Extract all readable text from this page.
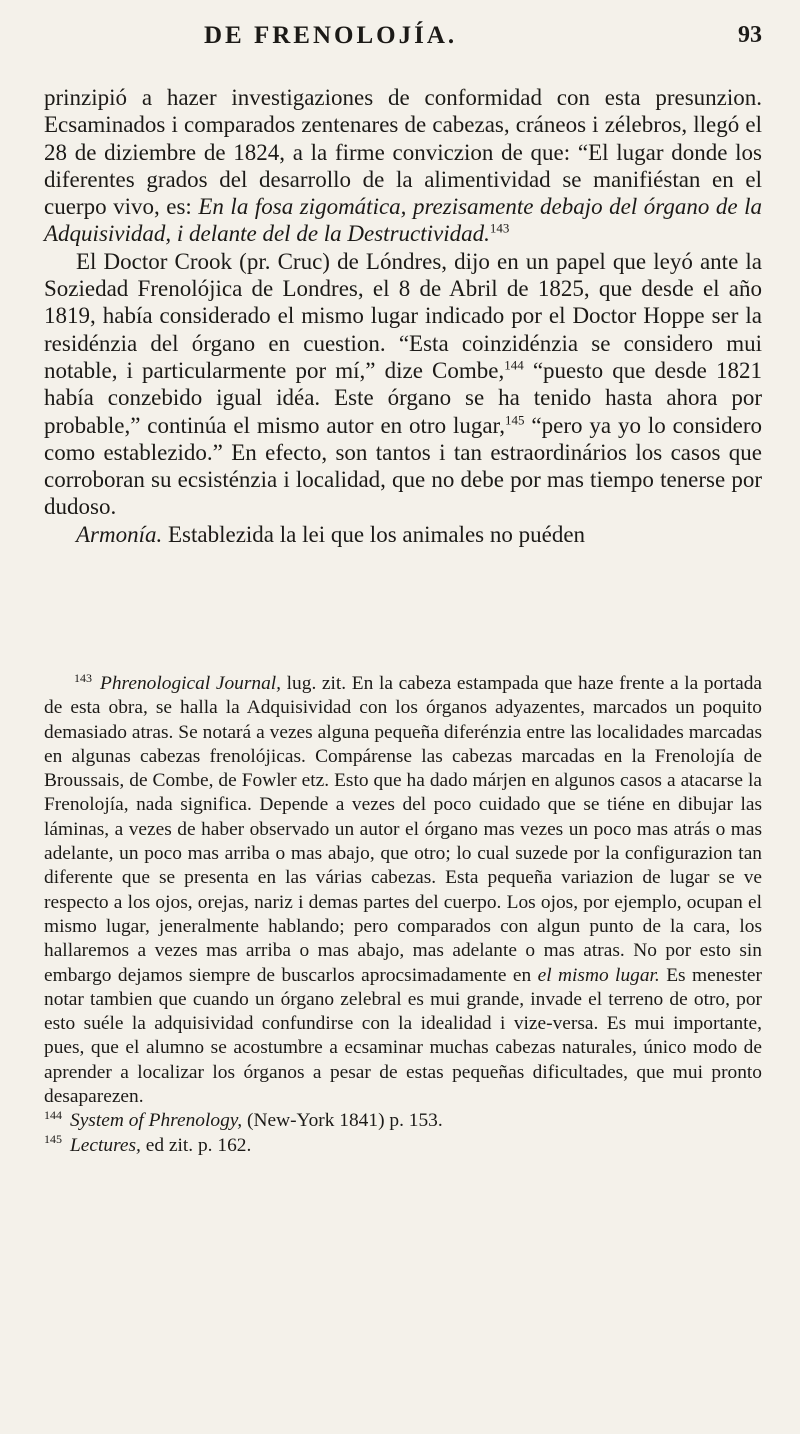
DE FRENOLOJÍA.	93

prinzipió a hazer investigaziones de conformidad con esta presunzion. Ecsaminados i comparados zentenares de cabezas, cráneos i zélebros, llegó el 28 de diziembre de 1824, a la firme conviczion de que: “El lugar donde los diferentes grados del desarrollo de la alimentividad se manifiéstan en el cuerpo vivo, es: En la fosa zigomática, prezisamente debajo del órgano de la Adquisividad, i delante del de la Destructividad.$^{143}$

El Doctor Crook (pr. Cruc) de Lóndres, dijo en un papel que leyó ante la Soziedad Frenolójica de Londres, el 8 de Abril de 1825, que desde el año 1819, había considerado el mismo lugar indicado por el Doctor Hoppe ser la residénzia del órgano en cuestion. “Esta coinzidénzia se considero mui notable, i particularmente por mí,” dize Combe,$^{144}$ “puesto que desde 1821 había conzebido igual idéa. Este órgano se ha tenido hasta ahora por probable,” continúa el mismo autor en otro lugar,$^{145}$ “pero ya yo lo considero como establezido.” En efecto, son tantos i tan estraordinários los casos que corroboran su ecsisténzia i localidad, que no debe por mas tiempo tenerse por dudoso.

Armonía. Establezida la lei que los animales no puéden

$^{143}$ Phrenological Journal, lug. zit. En la cabeza estampada que haze frente a la portada de esta obra, se halla la Adquisividad con los órganos adyazentes, marcados un poquito demasiado atras. Se notará a vezes alguna pequeña diferénzia entre las localidades marcadas en algunas cabezas frenolójicas. Compárense las cabezas marcadas en la Frenolojía de Broussais, de Combe, de Fowler etz. Esto que ha dado márjen en algunos casos a atacarse la Frenolojía, nada significa. Depende a vezes del poco cuidado que se tiéne en dibujar las láminas, a vezes de haber observado un autor el órgano mas vezes un poco mas atrás o mas adelante, un poco mas arriba o mas abajo, que otro; lo cual suzede por la configurazion tan diferente que se presenta en las várias cabezas. Esta pequeña variazion de lugar se ve respecto a los ojos, orejas, nariz i demas partes del cuerpo. Los ojos, por ejemplo, ocupan el mismo lugar, jeneralmente hablando; pero comparados con algun punto de la cara, los hallaremos a vezes mas arriba o mas abajo, mas adelante o mas atras. No por esto sin embargo dejamos siempre de buscarlos aprocsimadamente en el mismo lugar. Es menester notar tambien que cuando un órgano zelebral es mui grande, invade el terreno de otro, por esto suéle la adquisividad confundirse con la idealidad i vize-versa. Es mui importante, pues, que el alumno se acostumbre a ecsaminar muchas cabezas naturales, único modo de aprender a localizar los órganos a pesar de estas pequeñas dificultades, que mui pronto desaparezen.

$^{144}$ System of Phrenology, (New-York 1841) p. 153.

$^{145}$ Lectures, ed zit. p. 162.
